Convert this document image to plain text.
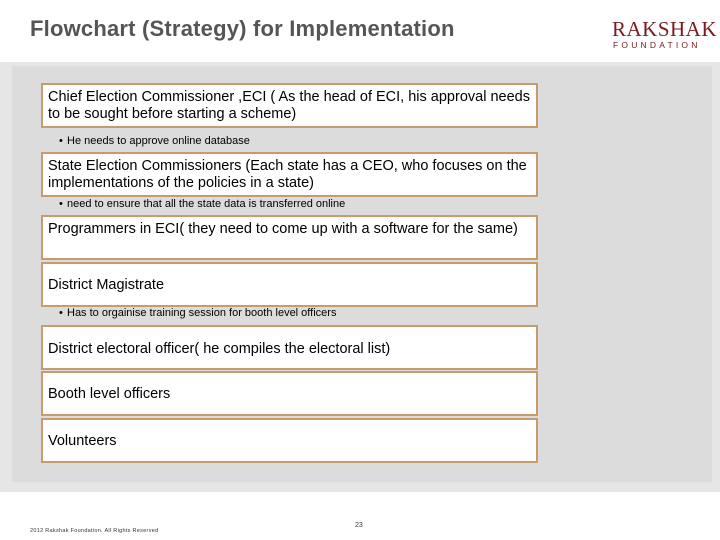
Flowchart (Strategy) for Implementation	RAKSHAK
FOUNDATION
Chief Election Commissioner ,ECI ( As the head of ECI, his approval needs to be sought before starting a scheme)
• He needs to approve online database
State Election Commissioners (Each state has a CEO, who focuses on the implementations of the policies in a state)
• need to ensure that all the state data is transferred online
Programmers in ECI( they need to come up with a software for the same)
District Magistrate
• Has to orgainise training session for booth level officers
District electoral officer( he compiles the electoral list)
Booth level officers
Volunteers
2012 Rakshak Foundation. All Rights Reserved
23
